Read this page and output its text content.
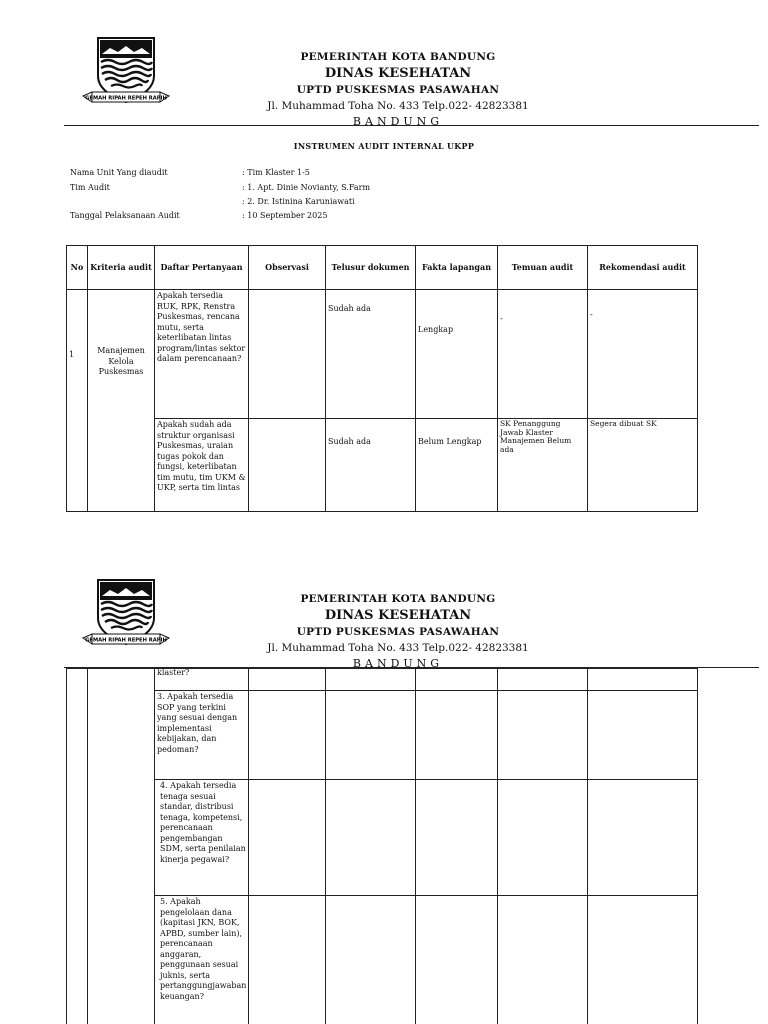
GEMAH RIPAH REPEH RAPIH
PEMERINTAH KOTA BANDUNG
DINAS KESEHATAN
UPTD PUSKESMAS PASAWAHAN
Jl. Muhammad Toha No. 433 Telp.022- 42823381
BANDUNG
INSTRUMEN AUDIT INTERNAL UKPP
Nama Unit Yang diaudit	: Tim Klaster 1-5
Tim Audit	: 1. Apt. Dinie Novianty, S.Farm
: 2. Dr. Istinina Karuniawati
Tanggal Pelaksanaan Audit	: 10 September 2025
No	Kriteria audit	Daftar Pertanyaan	Observasi	Telusur dokumen	Fakta lapangan	Temuan audit	Rekomendasi audit
1	Manajemen Kelola Puskesmas	Apakah tersedia RUK, RPK, Renstra Puskesmas, rencana mutu, serta keterlibatan lintas program/lintas sektor dalam perencanaan?		Sudah ada	Lengkap	-	-
		Apakah sudah ada struktur organisasi Puskesmas, uraian tugas pokok dan fungsi, keterlibatan tim mutu, tim UKM & UKP, serta tim lintas		Sudah ada	Belum Lengkap	SK Penanggung Jawab Klaster Manajemen Belum ada	Segera dibuat SK
GEMAH RIPAH REPEH RAPIH
PEMERINTAH KOTA BANDUNG
DINAS KESEHATAN
UPTD PUSKESMAS PASAWAHAN
Jl. Muhammad Toha No. 433 Telp.022- 42823381
BANDUNG
		klaster?					
		3. Apakah tersedia SOP yang terkini yang sesuai dengan implementasi kebijakan, dan pedoman?					
		4. Apakah tersedia tenaga sesuai standar, distribusi tenaga, kompetensi, perencanaan pengembangan SDM, serta penilaian kinerja pegawai?					
		5. Apakah pengelolaan dana (kapitasi JKN, BOK, APBD, sumber lain), perencanaan anggaran, penggunaan sesuai juknis, serta pertanggungjawaban keuangan?					
